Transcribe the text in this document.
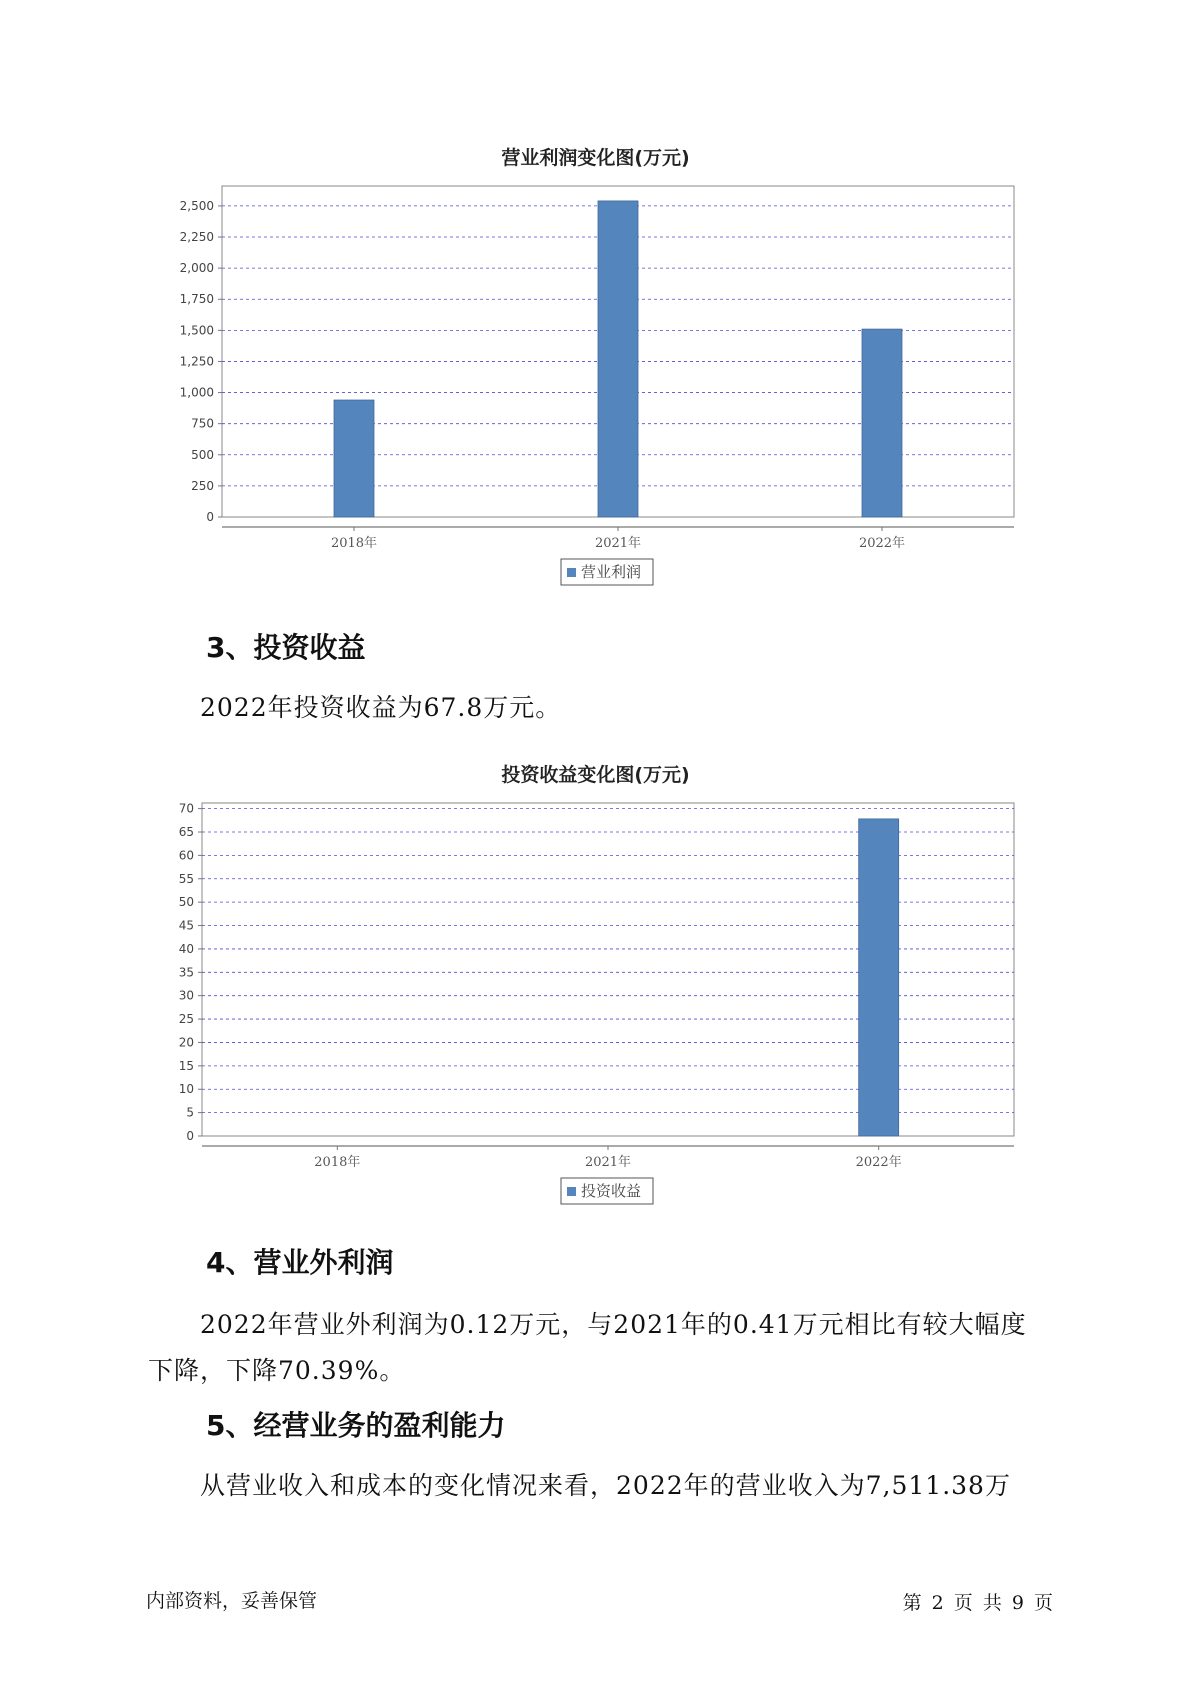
营业利润变化图(万元)
0
250
500
750
1,000
1,250
1,500
1,750
2,000
2,250
2,500
2018年	2021年	2022年
营业利润
3、投资收益

2022年投资收益为67.8万元。

投资收益变化图(万元)
0
5
10
15
20
25
30
35
40
45
50
55
60
65
70
2018年	2021年	2022年
投资收益
4、营业外利润

2022年营业外利润为0.12万元，与2021年的0.41万元相比有较大幅度下降，下降70.39%。

5、经营业务的盈利能力

从营业收入和成本的变化情况来看，2022年的营业收入为7,511.38万

内部资料，妥善保管	第 2 页 共 9 页
